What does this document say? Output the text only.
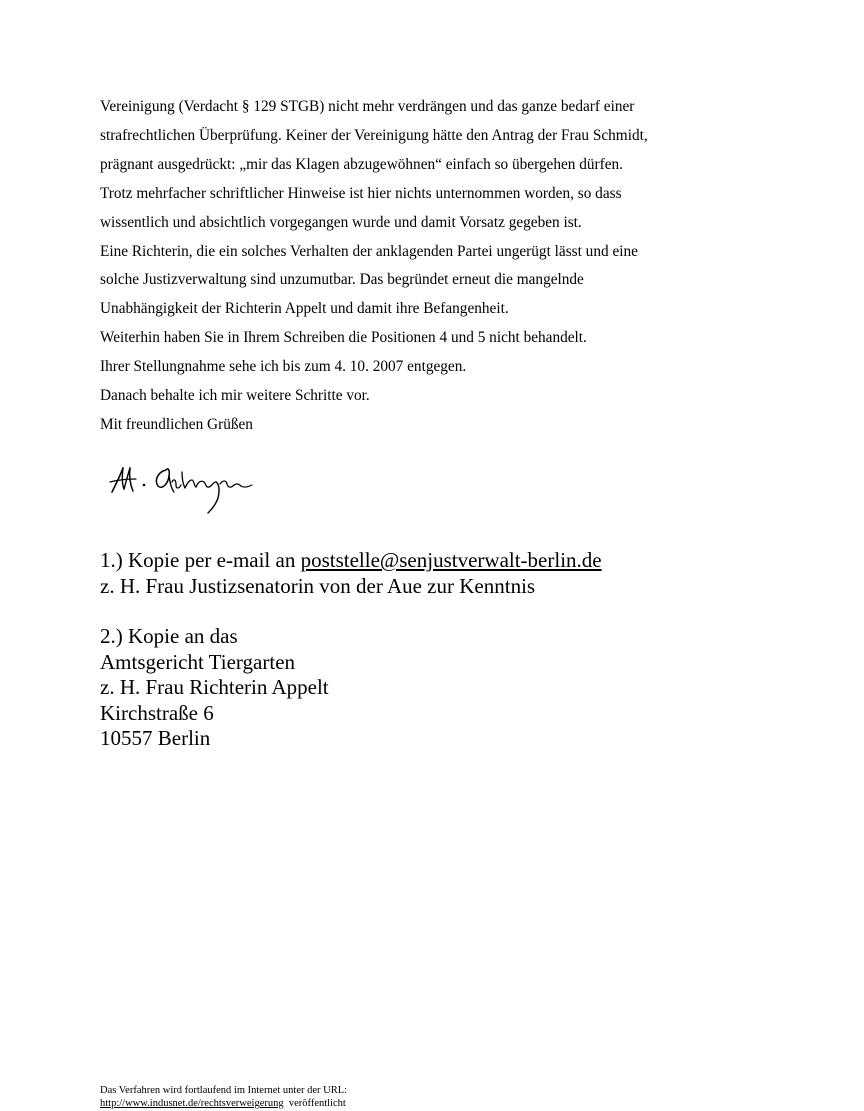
Vereinigung (Verdacht § 129 STGB) nicht mehr verdrängen und das ganze bedarf einer

strafrechtlichen Überprüfung. Keiner der Vereinigung hätte den Antrag der Frau Schmidt,

prägnant ausgedrückt: „mir das Klagen abzugewöhnen“ einfach so übergehen dürfen.

Trotz mehrfacher schriftlicher Hinweise ist hier nichts unternommen worden, so dass

wissentlich und absichtlich vorgegangen wurde und damit Vorsatz gegeben ist.

Eine Richterin, die ein solches Verhalten der anklagenden Partei ungerügt lässt und eine

solche Justizverwaltung sind unzumutbar. Das begründet erneut die mangelnde

Unabhängigkeit der Richterin Appelt und damit ihre Befangenheit.

Weiterhin haben Sie in Ihrem Schreiben die Positionen 4 und 5 nicht behandelt.

Ihrer Stellungnahme sehe ich bis zum 4. 10. 2007 entgegen.

Danach behalte ich mir weitere Schritte vor.

Mit freundlichen Grüßen

1.) Kopie per e-mail an poststelle@senjustverwalt-berlin.de

z. H. Frau Justizsenatorin von der Aue zur Kenntnis

2.) Kopie an das

Amtsgericht Tiergarten

z. H. Frau Richterin Appelt

Kirchstraße 6

10557 Berlin

Das Verfahren wird fortlaufend im Internet unter der URL:
http://www.indusnet.de/rechtsverweigerung  veröffentlicht
